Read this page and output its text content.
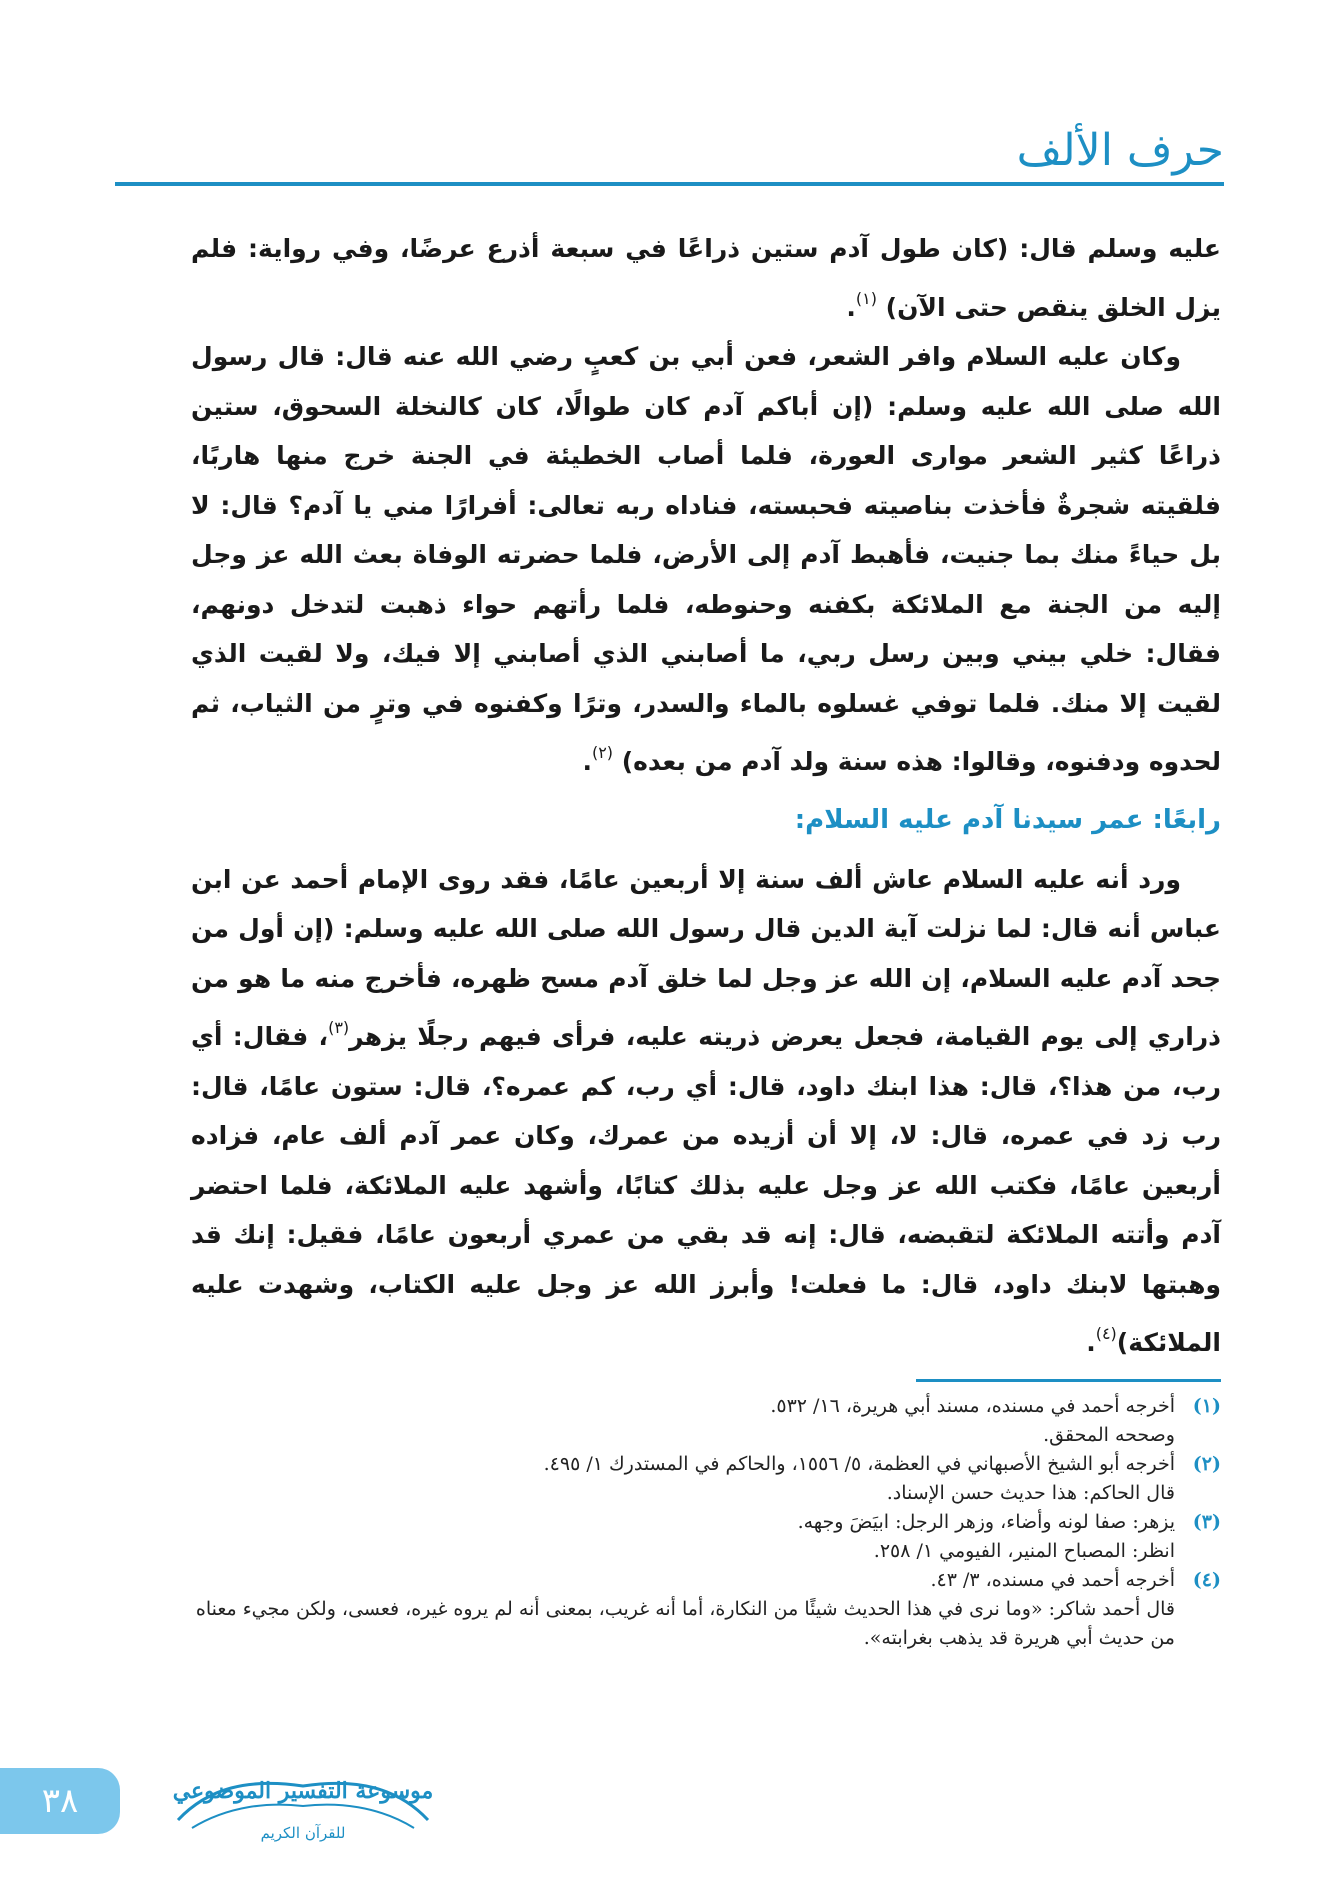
حرف الألف

عليه وسلم قال: (كان طول آدم ستين ذراعًا في سبعة أذرع عرضًا، وفي رواية: فلم يزل الخلق ينقص حتى الآن) $^{(١)}$.

وكان عليه السلام وافر الشعر، فعن أبي بن كعبٍ رضي الله عنه قال: قال رسول الله صلى الله عليه وسلم: (إن أباكم آدم كان طوالًا، كان كالنخلة السحوق، ستين ذراعًا كثير الشعر موارى العورة، فلما أصاب الخطيئة في الجنة خرج منها هاربًا، فلقيته شجرةٌ فأخذت بناصيته فحبسته، فناداه ربه تعالى: أفرارًا مني يا آدم؟ قال: لا بل حياءً منك بما جنيت، فأهبط آدم إلى الأرض، فلما حضرته الوفاة بعث الله عز وجل إليه من الجنة مع الملائكة بكفنه وحنوطه، فلما رأتهم حواء ذهبت لتدخل دونهم، فقال: خلي بيني وبين رسل ربي، ما أصابني الذي أصابني إلا فيك، ولا لقيت الذي لقيت إلا منك. فلما توفي غسلوه بالماء والسدر، وترًا وكفنوه في وترٍ من الثياب، ثم لحدوه ودفنوه، وقالوا: هذه سنة ولد آدم من بعده) $^{(٢)}$.

رابعًا: عمر سيدنا آدم عليه السلام:

ورد أنه عليه السلام عاش ألف سنة إلا أربعين عامًا، فقد روى الإمام أحمد عن ابن عباس أنه قال: لما نزلت آية الدين قال رسول الله صلى الله عليه وسلم: (إن أول من جحد آدم عليه السلام، إن الله عز وجل لما خلق آدم مسح ظهره، فأخرج منه ما هو من ذراري إلى يوم القيامة، فجعل يعرض ذريته عليه، فرأى فيهم رجلًا يزهر$^{(٣)}$، فقال: أي رب، من هذا؟، قال: هذا ابنك داود، قال: أي رب، كم عمره؟، قال: ستون عامًا، قال: رب زد في عمره، قال: لا، إلا أن أزيده من عمرك، وكان عمر آدم ألف عام، فزاده أربعين عامًا، فكتب الله عز وجل عليه بذلك كتابًا، وأشهد عليه الملائكة، فلما احتضر آدم وأتته الملائكة لتقبضه، قال: إنه قد بقي من عمري أربعون عامًا، فقيل: إنك قد وهبتها لابنك داود، قال: ما فعلت! وأبرز الله عز وجل عليه الكتاب، وشهدت عليه الملائكة)$^{(٤)}$.

(١)
أخرجه أحمد في مسنده، مسند أبي هريرة، ١٦/ ٥٣٢.
وصححه المحقق.
(٢)
أخرجه أبو الشيخ الأصبهاني في العظمة، ٥/ ١٥٥٦، والحاكم في المستدرك ١/ ٤٩٥.
قال الحاكم: هذا حديث حسن الإسناد.
(٣)
يزهر: صفا لونه وأضاء، وزهر الرجل: ابيَضَ وجهه.
انظر: المصباح المنير، الفيومي ١/ ٢٥٨.
(٤)
أخرجه أحمد في مسنده، ٣/ ٤٣.
قال أحمد شاكر: «وما نرى في هذا الحديث شيئًا من النكارة، أما أنه غريب، بمعنى أنه لم يروه غيره، فعسى، ولكن مجيء معناه من حديث أبي هريرة قد يذهب بغرابته».
٣٨	موسوعة التفسير الموضوعي
للقرآن الكريم
